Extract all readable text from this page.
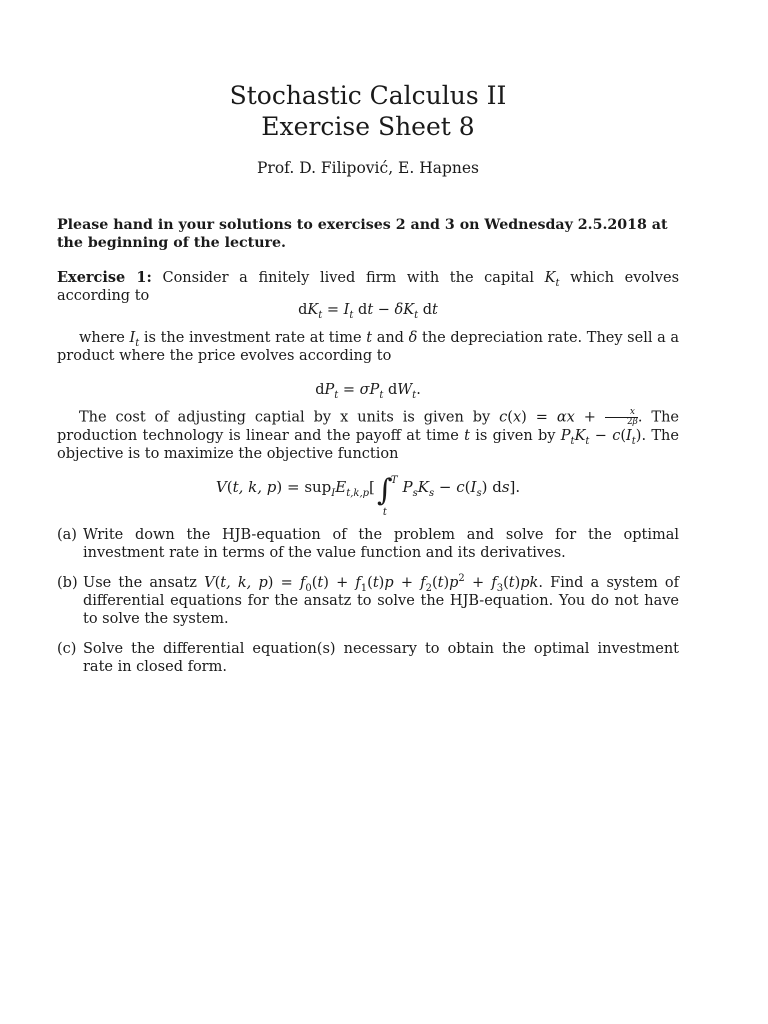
Stochastic Calculus II
Exercise Sheet 8
Prof. D. Filipović, E. Hapnes
Please hand in your solutions to exercises 2 and 3 on Wednesday 2.5.2018 at the beginning of the lecture.
Exercise 1: Consider a finitely lived firm with the capital $K_t$ which evolves according to
$dK_t = I_t$ dt − $\delta K_t$ dt
where $I_t$ is the investment rate at time t and δ the depreciation rate. They sell a a product where the price evolves according to
$dP_t = \sigma P_t$ $dW_t$.
The cost of adjusting captial by x units is given by $c(x) = \alpha x + \frac{x}{2\beta}$ . The production technology is linear and the payoff at time t is given by $P_tK_t - c(I_t)$. The objective is to maximize the objective function
V(t, k, $p) = sup_IE_{t,k,p}[\int$
T
t
$P_sK_s - c(I_s)$ ds].
(a) Write down the HJB-equation of the problem and solve for the optimal investment rate in terms of the value function and its derivatives.
(b) Use the ansatz V(t, k, $p) = f_0(t) + f_1(t)p + f_2(t)p^2 + f_3(t)pk$. Find a system of differential equations for the ansatz to solve the HJB-equation. You do not have to solve the system.
(c) Solve the differential equation(s) necessary to obtain the optimal investment rate in closed form.
